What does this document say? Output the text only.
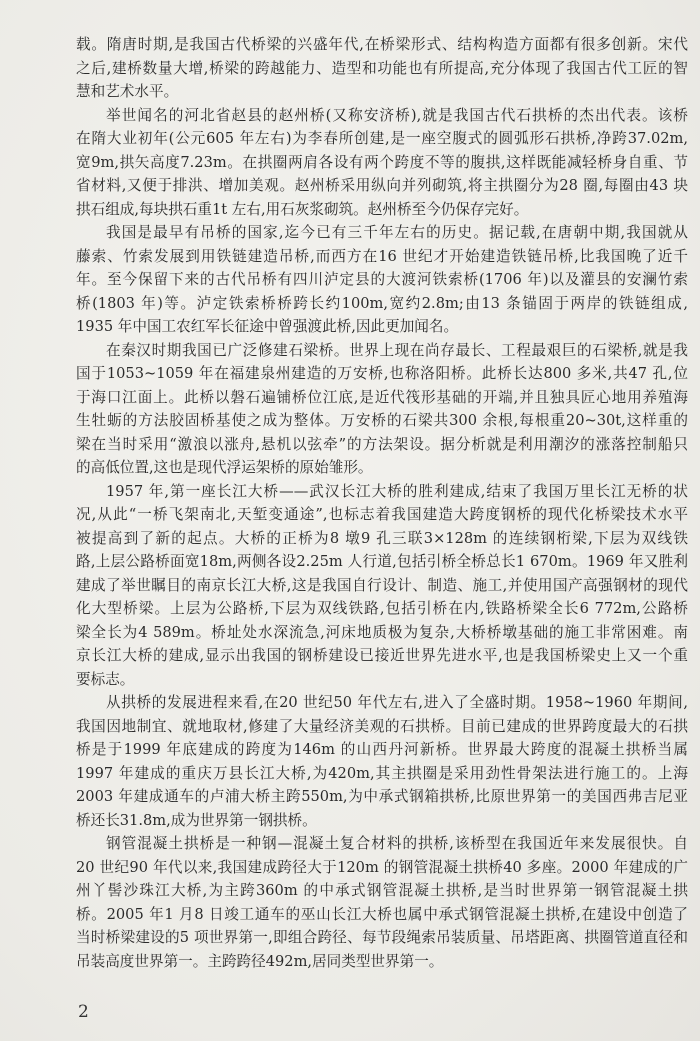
载。隋唐时期,是我国古代桥梁的兴盛年代,在桥梁形式、结构构造方面都有很多创新。宋代
之后,建桥数量大增,桥梁的跨越能力、造型和功能也有所提高,充分体现了我国古代工匠的智
慧和艺术水平。
举世闻名的河北省赵县的赵州桥(又称安济桥),就是我国古代石拱桥的杰出代表。该桥
在隋大业初年(公元605 年左右)为李春所创建,是一座空腹式的圆弧形石拱桥,净跨37.02m,
宽9m,拱矢高度7.23m。在拱圈两肩各设有两个跨度不等的腹拱,这样既能减轻桥身自重、节
省材料,又便于排洪、增加美观。赵州桥采用纵向并列砌筑,将主拱圈分为28 圈,每圈由43 块
拱石组成,每块拱石重1t 左右,用石灰浆砌筑。赵州桥至今仍保存完好。
我国是最早有吊桥的国家,迄今已有三千年左右的历史。据记载,在唐朝中期,我国就从
藤索、竹索发展到用铁链建造吊桥,而西方在16 世纪才开始建造铁链吊桥,比我国晚了近千
年。至今保留下来的古代吊桥有四川泸定县的大渡河铁索桥(1706 年)以及灌县的安澜竹索
桥(1803 年)等。泸定铁索桥桥跨长约100m,宽约2.8m;由13 条锚固于两岸的铁链组成,
1935 年中国工农红军长征途中曾强渡此桥,因此更加闻名。
在秦汉时期我国已广泛修建石梁桥。世界上现在尚存最长、工程最艰巨的石梁桥,就是我
国于1053~1059 年在福建泉州建造的万安桥,也称洛阳桥。此桥长达800 多米,共47 孔,位
于海口江面上。此桥以磐石遍铺桥位江底,是近代筏形基础的开端,并且独具匠心地用养殖海
生牡蛎的方法胶固桥基使之成为整体。万安桥的石梁共300 余根,每根重20~30t,这样重的
梁在当时采用“激浪以涨舟,悬机以弦牵”的方法架设。据分析就是利用潮汐的涨落控制船只
的高低位置,这也是现代浮运架桥的原始雏形。
1957 年,第一座长江大桥——武汉长江大桥的胜利建成,结束了我国万里长江无桥的状
况,从此“一桥飞架南北,天堑变通途”,也标志着我国建造大跨度钢桥的现代化桥梁技术水平
被提高到了新的起点。大桥的正桥为8 墩9 孔三联3×128m 的连续钢桁梁,下层为双线铁
路,上层公路桥面宽18m,两侧各设2.25m 人行道,包括引桥全桥总长1 670m。1969 年又胜利
建成了举世瞩目的南京长江大桥,这是我国自行设计、制造、施工,并使用国产高强钢材的现代
化大型桥梁。上层为公路桥,下层为双线铁路,包括引桥在内,铁路桥梁全长6 772m,公路桥
梁全长为4 589m。桥址处水深流急,河床地质极为复杂,大桥桥墩基础的施工非常困难。南
京长江大桥的建成,显示出我国的钢桥建设已接近世界先进水平,也是我国桥梁史上又一个重
要标志。
从拱桥的发展进程来看,在20 世纪50 年代左右,进入了全盛时期。1958~1960 年期间,
我国因地制宜、就地取材,修建了大量经济美观的石拱桥。目前已建成的世界跨度最大的石拱
桥是于1999 年底建成的跨度为146m 的山西丹河新桥。世界最大跨度的混凝土拱桥当属
1997 年建成的重庆万县长江大桥,为420m,其主拱圈是采用劲性骨架法进行施工的。上海
2003 年建成通车的卢浦大桥主跨550m,为中承式钢箱拱桥,比原世界第一的美国西弗吉尼亚
桥还长31.8m,成为世界第一钢拱桥。
钢管混凝土拱桥是一种钢—混凝土复合材料的拱桥,该桥型在我国近年来发展很快。自
20 世纪90 年代以来,我国建成跨径大于120m 的钢管混凝土拱桥40 多座。2000 年建成的广
州丫髻沙珠江大桥,为主跨360m 的中承式钢管混凝土拱桥,是当时世界第一钢管混凝土拱
桥。2005 年1 月8 日竣工通车的巫山长江大桥也属中承式钢管混凝土拱桥,在建设中创造了
当时桥梁建设的5 项世界第一,即组合跨径、每节段绳索吊装质量、吊塔距离、拱圈管道直径和
吊装高度世界第一。主跨跨径492m,居同类型世界第一。
2
